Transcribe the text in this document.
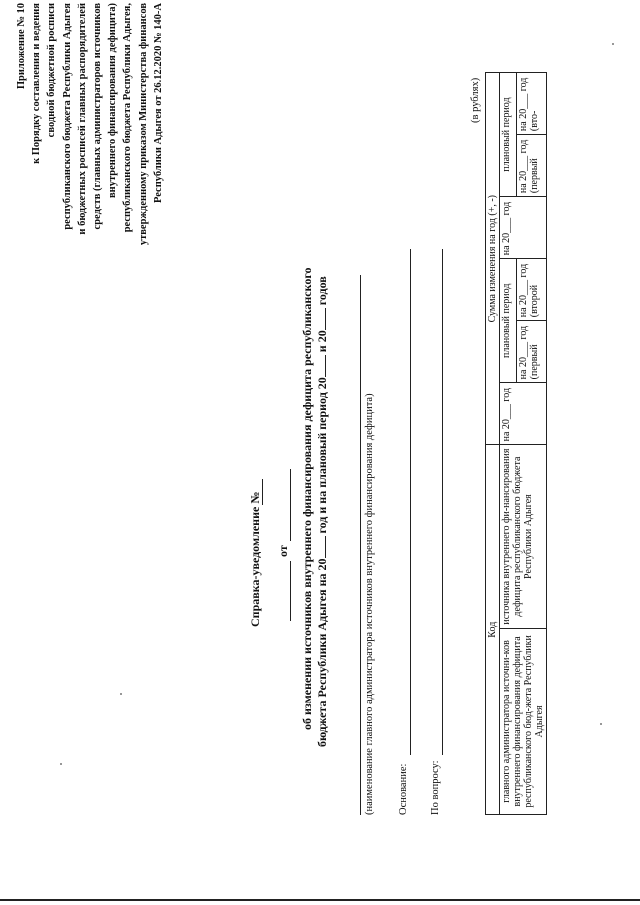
Приложение № 10 к Порядку составления и ведения сводной бюджетной росписи республиканского бюджета Республики Адыгея и бюджетных росписей главных распорядителей средств (главных администраторов источников внутреннего финансирования дефицита) республиканского бюджета Республики Адыгея, утвержденному приказом Министерства финансов Республики Адыгея от 26.12.2020 № 140-А
Справка-уведомление № от об изменении источников внутреннего финансирования дефицита республиканского бюджета Республики Адыгея на 20 год и на плановый период 20 и 20 годов
(наименование главного администратора источников внутреннего финансирования дефицита) Основание: По вопросу:
(в рублях)
Код		Сумма изменения на год (+, -)					
главного администратора источни-ков внутреннего финансирования дефицита республиканского бюд-жета Республики Адыгея	источника внутреннего фи-нансирования дефицита республиканского бюджета Республики Адыгея	на 20___ год	плановый период		на 20___ год	плановый период	
			на 20___ год (первый	на 20___ год (второй		на 20___ год (первый	на 20___ год (вто-
